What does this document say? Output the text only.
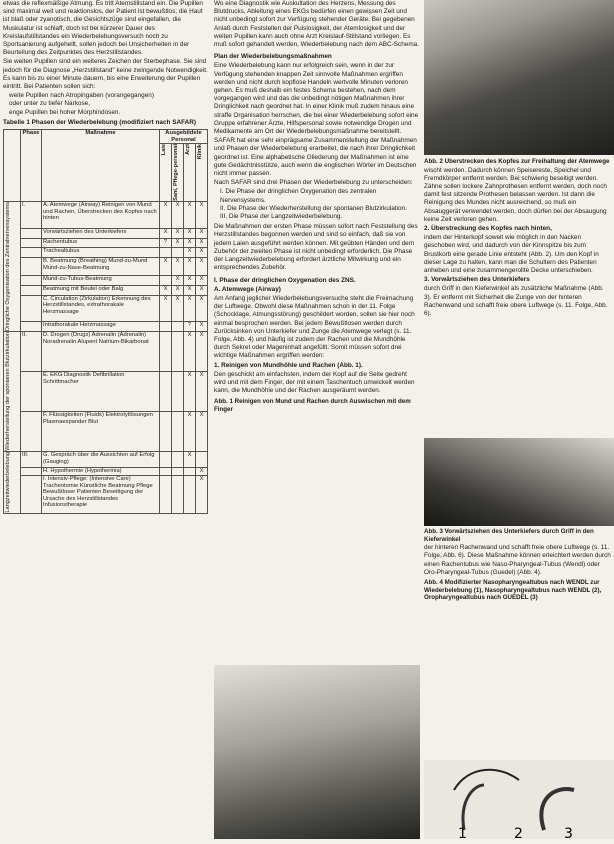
etwas die reflexmäßige Atmung. Es tritt Atemstillstand ein. Die Pupillen sind maximal weit und reaktionslos, der Patient ist bewußtlos; die Haut ist blaß oder zyanotisch, die Gesichtszüge sind eingefallen, die Muskulatur ist schlaff, doch ist bei kürzerer Dauer des Kreislaufstillstandes ein Wiederbelebungsversuch noch zu Sportsanierung aufgehellt, sollen jedoch bei Unsicherheiten in der Beurteilung des Zeitpunktes des Herzstillstandes.

Sie weiten Pupillen sind ein weiteres Zeichen der Sterbephase. Sie sind jedoch für die Diagnose „Herzstillstand" keine zwingende Notwendigkeit. Es kann bis zu einer Minute dauern, bis eine Erweiterung der Pupillen eintritt. Bei Patienten sollen sich:

weite Pupillen nach Atropingaben (vorangegangen)
oder unter zu tiefer Narkose,
enge Pupillen bei hoher Morphindosen.

Tabelle 1 Phasen der Wiederbelebung (modifiziert nach SAFAR)

	Phase	Maßnahme	Ausgebildete Personal			

			Laie	Sani, Pflege-personal	Arzt	Klinik

Dringliche Oxygenisation des Zentralnervensystems	I.	A. Atemwege (Airway) Reinigen von Mund und Rachen, Überstrecken des Kopfes nach hinten	X	X	X	X
		Vorwärtsziehen des Unterkiefers	X	X	X	X
		Rachentubus	?	X	X	X
		Trachealtubus			X	X
		B. Beatmung (Breathing) Mund-zu-Mund Mund-zu-Nase-Beatmung	X	X	X	X
		Mund-zu-Tubus-Beatmung		X	X	X
		Beatmung mit Beutel oder Balg	X	X	X	X
		C. Circulation (Zirkulation) Erkennung des Herzstillstandes, extrathorakale Herzmassage	X	X	X	X
		Intrathorakale Herzmassage			?	X

Wiederherstellung der spontanen Blutzirkulation	II.	D. Drogen (Drugs) Adrenalin (Adrenalin) Noradrenalin Alupent Natrium-Bikarbonat			X	X
		E. EKG Diagnostik Defibrillation Schrittmacher			X	X
		F. Flüssigkeiten (Fluids) Elektrolytlösungen Plasmaexpander Blut			X	X

Langzeitwiederbelebung	III.	G. Gespräch über die Aussichten auf Erfolg (Gauging)			X	
		H. Hypothermie (Hypothermia)				X
		I. Intensiv-Pflege: (Intensive Care) Tracheotomie Künstliche Beatmung Pflege Bewußtloser Patienten Beseitigung der Ursache des Herzstillstandes Infusionstherapie				X

Wo eine Diagnostik wie Auskultation des Herzens, Messung des Blutdrucks, Ableitung eines EKGs bedürfen einen gewissen Zeit und nicht unbedingt sofort zur Verfügung stehender Geräte. Bei gegebenen Anlaß durch Feststellen der Pulslosigkeit, der Atemlosigkeit und der weiten Pupillen kann auch ohne Arzt Kreislauf-Stillstand vorliegen. Es muß sofort gehandelt werden, Wiederbelebung nach dem ABC-Schema.

Plan der Wiederbelebungsmaßnahmen

Eine Wiederbelebung kann nur erfolgreich sein, wenn in der zur Verfügung stehenden knappen Zeit sinnvolle Maßnahmen ergriffen werden und nicht durch kopflose Handeln wertvolle Minuten verloren gehen. Es muß deshalb ein festes Schema bestehen, nach dem vorgegangen wird und das die unbedingt nötigen Maßnahmen ihrer Dringlichkeit nach geordnet hat. In einer Klinik muß zudem hinaus eine straffe Organisation herrschen, die bei einer Wiederbelebung sofort eine Gruppe erfahrener Ärzte, Hilfspersonal sowie notwendige Drogen und Medikamente am Ort der Wiederbelebungsmaßnahme bereitstellt.

SAFAR hat eine sehr einprägsame Zusammenstellung der Maßnahmen und Phasen der Wiederbelebung erarbeitet, die nach ihrer Dringlichkeit geordnet ist. Eine alphabetische Gliederung der Maßnahmen ist eine gute Gedächtnisstütze, auch wenn die englischen Wörter im Deutschen nicht immer passen.

Nach SAFAR sind drei Phasen der Wiederbelebung zu unterscheiden:

I. Die Phase der dringlichen Oxygenation des zentralen Nervensystems.
II. Die Phase der Wiederherstellung der spontanen Blutzirkulation.
III. Die Phase der Langzeitwiederbelebung.

Die Maßnahmen der ersten Phase müssen sofort nach Feststellung des Herzstillstandes begonnen werden und sind so einfach, daß sie von jedem Laien ausgeführt werden können. Mit geübten Händen und dem Zubehör der zweiten Phase ist nicht unbedingt erforderlich. Die Phase der Langzeitwiederbelebung erfordert ärztliche Mitwirkung und ein entsprechendes Zubehör.

I. Phase der dringlichen Oxygenation des ZNS.

A. Atemwege (Airway)

Am Anfang jeglicher Wiederbelebungsversuche steht die Freimachung der Luftwege. Obwohl diese Maßnahmen schon in der 11. Folge (Schocklage, Atmungsstörung) geschildert worden, sollen sie hier noch einmal besprochen werden. Bei jedem Bewußtlosen werden durch Zurücksinken von Unterkiefer und Zunge die Atemwege verlegt (s. 11. Folge, Abb. 4) und häufig ist zudem der Rachen und die Mundhöhle durch Sekret oder Mageninhalt angefüllt. Somit müssen sofort drei wichtige Maßnahmen ergriffen werden:

1. Reinigen von Mundhöhle und Rachen (Abb. 1).

Den geschickt am einfachsten, indem der Kopf auf die Seite gedreht wird und mit dem Finger, der mit einem Taschentuch umwickelt werden kann, die Mundhöhle und der Rachen ausgeräumt werden.

Abb. 1 Reinigen von Mund und Rachen durch Auswischen mit dem Finger

Abb. 2 Überstrecken des Kopfes zur Freihaltung der Atemwege

wischt werden. Dadurch können Speisereste, Speichel und Fremdkörper entfernt werden. Bei schwierig beseitigt werden. Zähne sollen lockere Zahnprothesen entfernt werden, doch noch damit fest sitzende Prothesen belassen werden. Ist dann die Reinigung des Mundes nicht ausreichend, so muß ein Absauggerät verwendet werden, doch dürfen bei der Absaugung keine Zeit verloren gehen.

2. Überstreckung des Kopfes nach hinten,

indem der Hinterkopf soweit wie möglich in den Nacken geschoben wird, und dadurch von der Kinnspitze bis zum Brustkorb eine gerade Linie entsteht (Abb. 2). Um den Kopf in dieser Lage zu halten, kann man die Schultern des Patienten anheben und eine zusammengerollte Decke unterschieben.

3. Vorwärtsziehen des Unterkiefers

durch Griff in den Kieferwinkel als zusätzliche Maßnahme (Abb. 3). Er entfernt mit Sicherheit die Zunge von der hinteren Rachenwand und schafft freie obere Luftwege (s. 11. Folge, Abb. 6).

Abb. 3 Vorwärtsziehen des Unterkiefers durch Griff in den Kieferwinkel

der hinteren Rachenwand und schafft freie obere Luftwege (s. 11. Folge, Abb. 6). Diese Maßnahme können erleichtert werden durch einen Rachentubus wie Naso-Pharyngeal-Tubus (Wendl) oder Oro-Pharyngeal-Tubus (Guedel) (Abb. 4).

Abb. 4 Modifizierter Nasopharyngealtubus nach WENDL zur Wiederbelebung (1), Nasopharyngealtubus nach WENDL (2), Oropharyngealtubus nach GUEDEL (3)

1	2	3
